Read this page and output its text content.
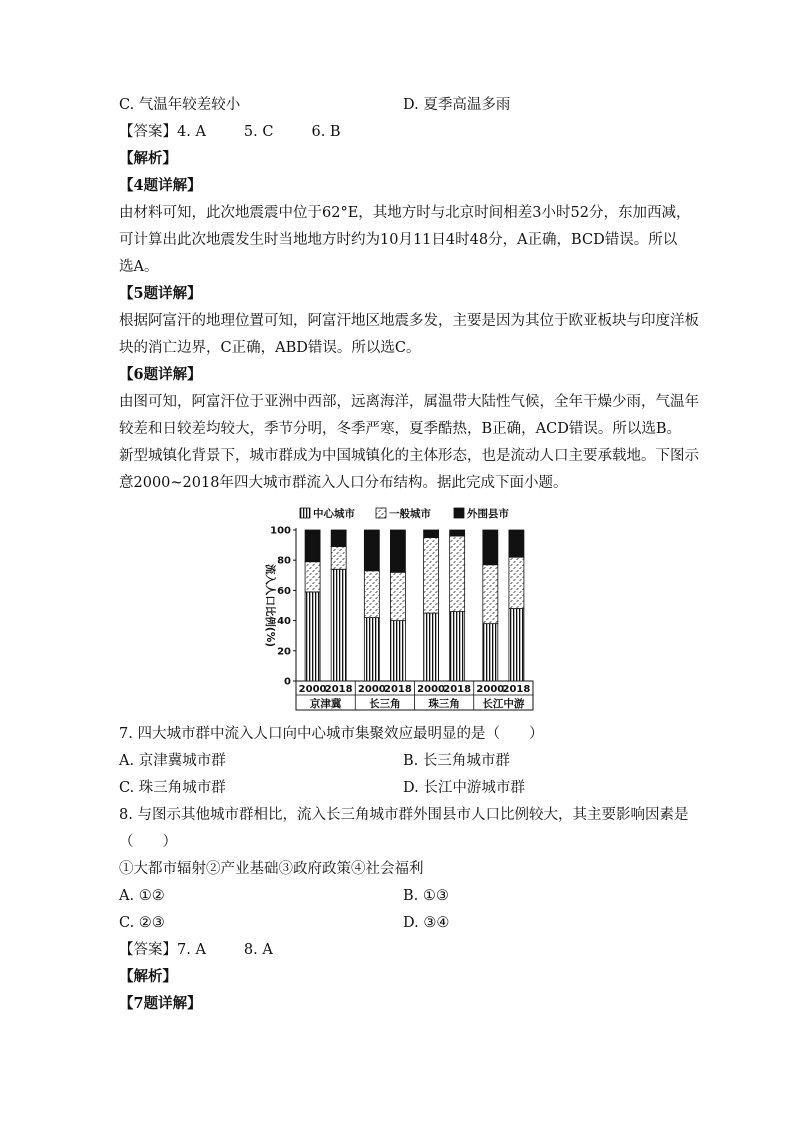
C. 气温年较差较小	D. 夏季高温多雨
【答案】4. A	5. C	6. B
【解析】
【4题详解】
由材料可知，此次地震震中位于62°E，其地方时与北京时间相差3小时52分，东加西减，
可计算出此次地震发生时当地地方时约为10月11日4时48分，A正确，BCD错误。所以
选A。
【5题详解】
根据阿富汗的地理位置可知，阿富汗地区地震多发，主要是因为其位于欧亚板块与印度洋板
块的消亡边界，C正确，ABD错误。所以选C。
【6题详解】
由图可知，阿富汗位于亚洲中西部，远离海洋，属温带大陆性气候，全年干燥少雨，气温年
较差和日较差均较大，季节分明，冬季严寒，夏季酷热，B正确，ACD错误。所以选B。
新型城镇化背景下，城市群成为中国城镇化的主体形态，也是流动人口主要承载地。下图示
意2000~2018年四大城市群流入人口分布结构。据此完成下面小题。
中心城市	一般城市	外围县市
0
20
40
60
80
100
流入人口比例(%)
京津冀
2000
2018
长三角
2000
2018
珠三角
2000
2018
长江中游
2000
2018
7. 四大城市群中流入人口向中心城市集聚效应最明显的是（　　）
A. 京津冀城市群	B. 长三角城市群
C. 珠三角城市群	D. 长江中游城市群
8. 与图示其他城市群相比，流入长三角城市群外围县市人口比例较大，其主要影响因素是
（　　）
①大都市辐射②产业基础③政府政策④社会福利
A. ①②	B. ①③
C. ②③	D. ③④
【答案】7. A	8. A
【解析】
【7题详解】
